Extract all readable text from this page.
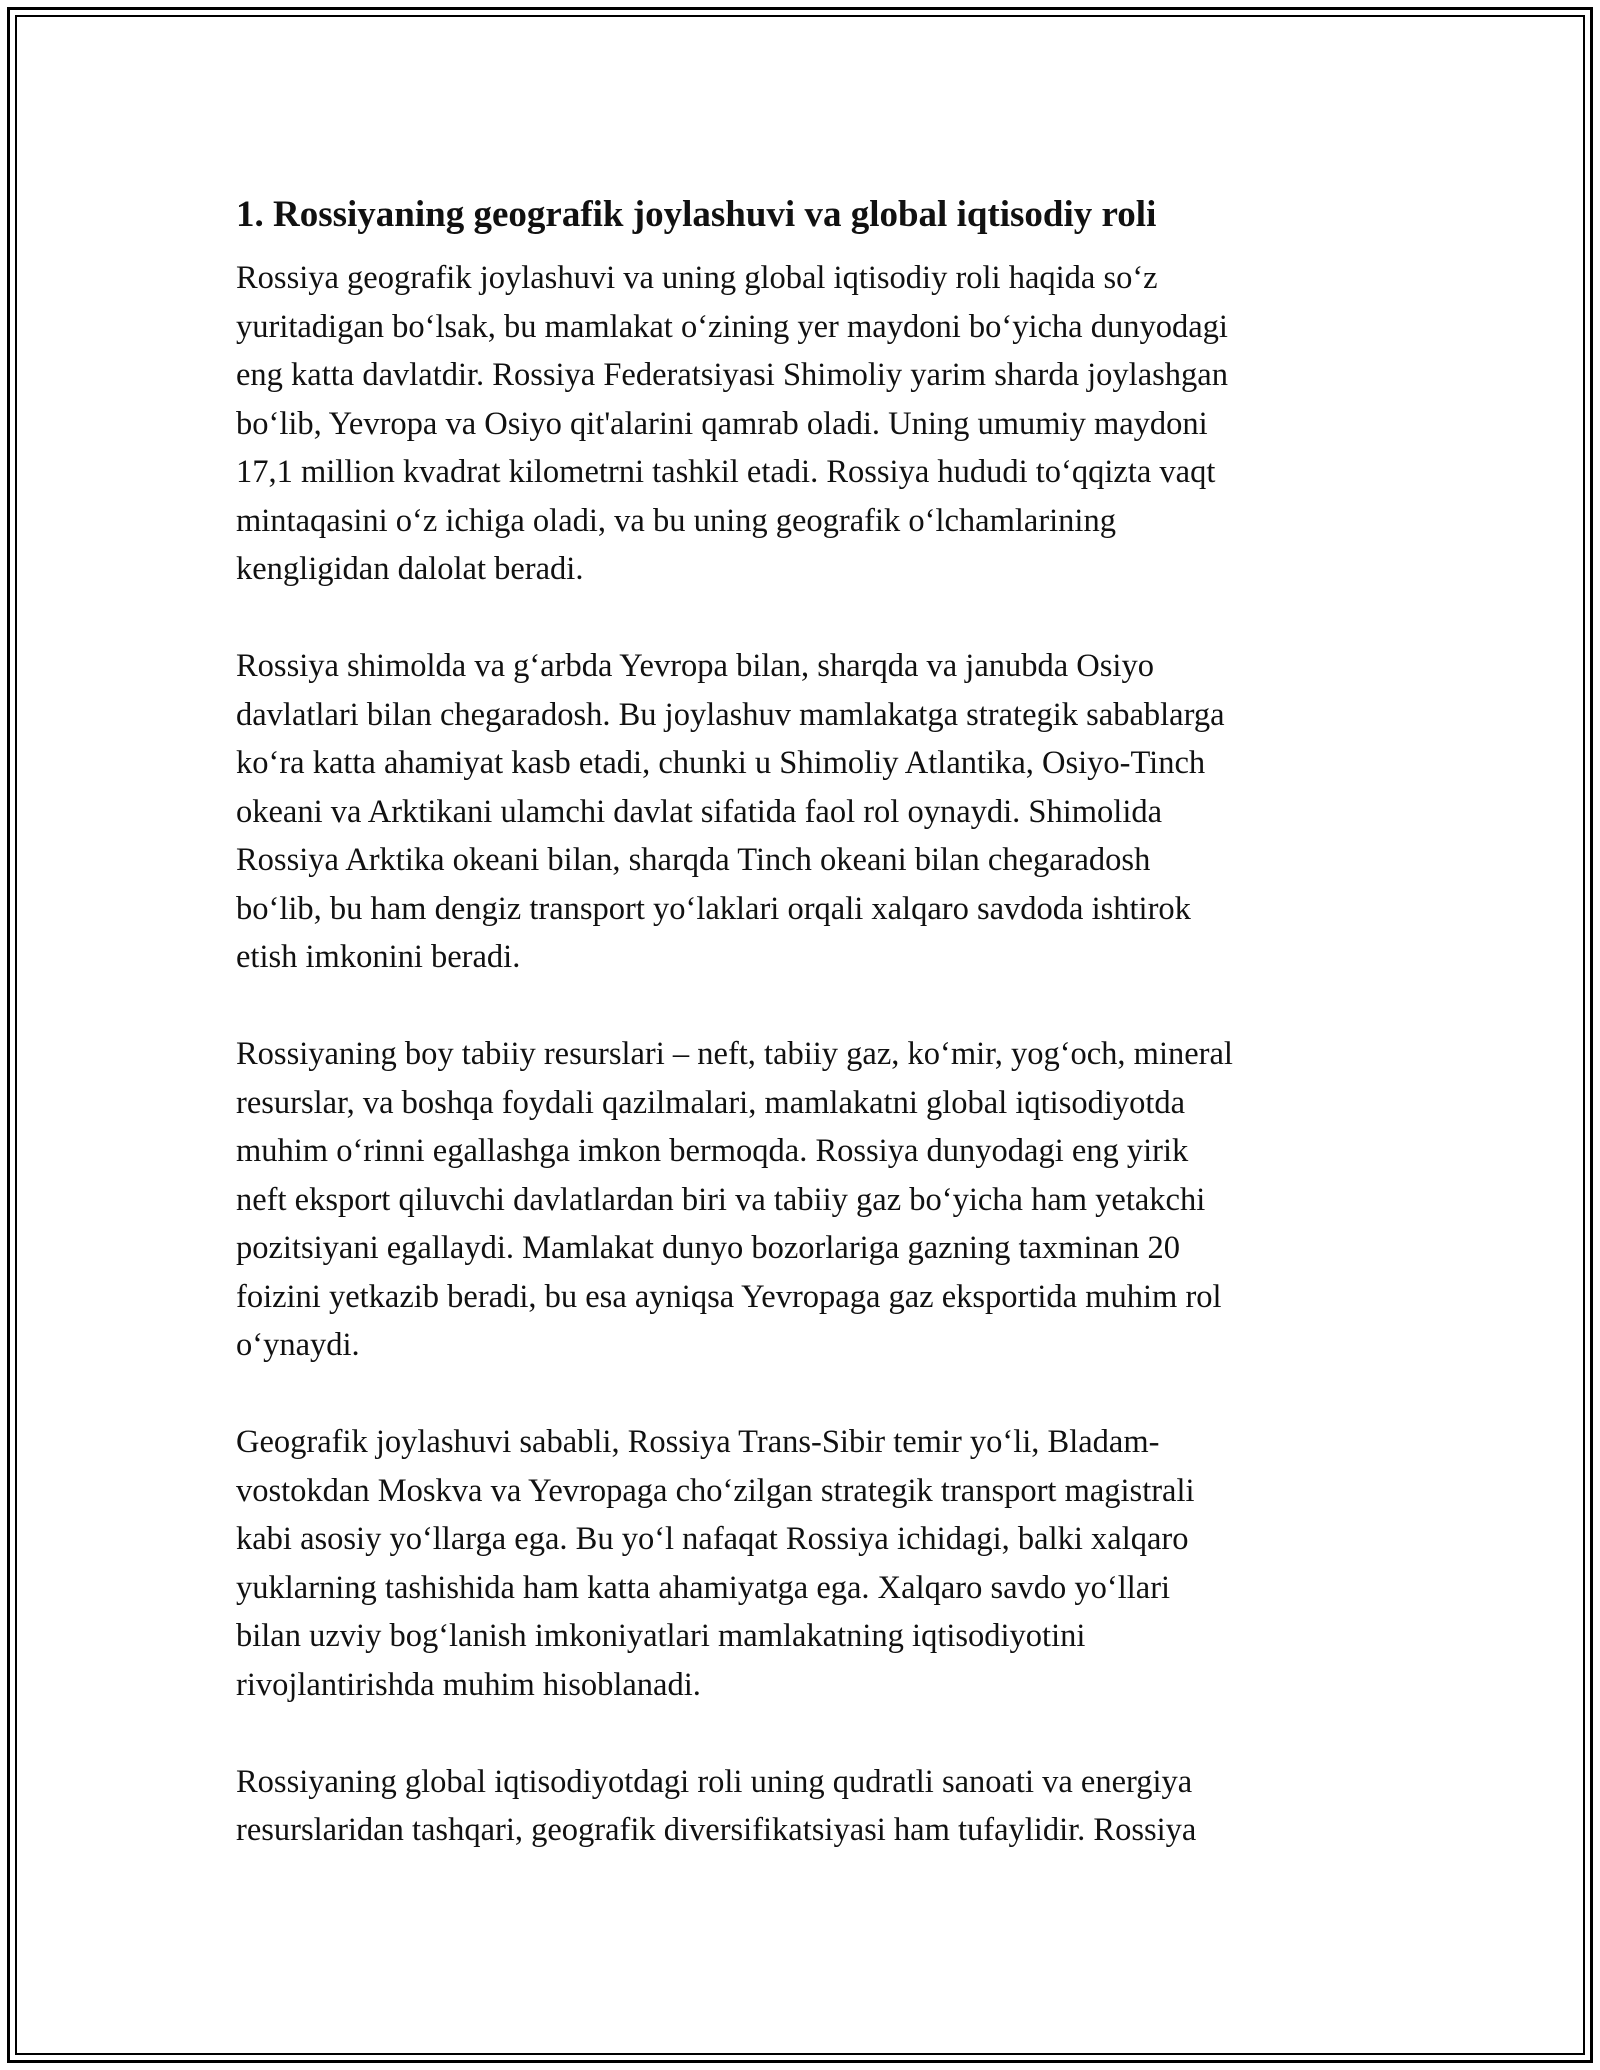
1. Rossiyaning geografik joylashuvi va global iqtisodiy roli

Rossiya geografik joylashuvi va uning global iqtisodiy roli haqida so‘z
yuritadigan bo‘lsak, bu mamlakat o‘zining yer maydoni bo‘yicha dunyodagi
eng katta davlatdir. Rossiya Federatsiyasi Shimoliy yarim sharda joylashgan
bo‘lib, Yevropa va Osiyo qit'alarini qamrab oladi. Uning umumiy maydoni
17,1 million kvadrat kilometrni tashkil etadi. Rossiya hududi to‘qqizta vaqt
mintaqasini o‘z ichiga oladi, va bu uning geografik o‘lchamlarining
kengligidan dalolat beradi.

Rossiya shimolda va g‘arbda Yevropa bilan, sharqda va janubda Osiyo
davlatlari bilan chegaradosh. Bu joylashuv mamlakatga strategik sabablarga
ko‘ra katta ahamiyat kasb etadi, chunki u Shimoliy Atlantika, Osiyo-Tinch
okeani va Arktikani ulamchi davlat sifatida faol rol oynaydi. Shimolida
Rossiya Arktika okeani bilan, sharqda Tinch okeani bilan chegaradosh
bo‘lib, bu ham dengiz transport yo‘laklari orqali xalqaro savdoda ishtirok
etish imkonini beradi.

Rossiyaning boy tabiiy resurslari – neft, tabiiy gaz, ko‘mir, yog‘och, mineral
resurslar, va boshqa foydali qazilmalari, mamlakatni global iqtisodiyotda
muhim o‘rinni egallashga imkon bermoqda. Rossiya dunyodagi eng yirik
neft eksport qiluvchi davlatlardan biri va tabiiy gaz bo‘yicha ham yetakchi
pozitsiyani egallaydi. Mamlakat dunyo bozorlariga gazning taxminan 20
foizini yetkazib beradi, bu esa ayniqsa Yevropaga gaz eksportida muhim rol
o‘ynaydi.

Geografik joylashuvi sababli, Rossiya Trans-Sibir temir yo‘li, Bladam-
vostokdan Moskva va Yevropaga cho‘zilgan strategik transport magistrali
kabi asosiy yo‘llarga ega. Bu yo‘l nafaqat Rossiya ichidagi, balki xalqaro
yuklarning tashishida ham katta ahamiyatga ega. Xalqaro savdo yo‘llari
bilan uzviy bog‘lanish imkoniyatlari mamlakatning iqtisodiyotini
rivojlantirishda muhim hisoblanadi.

Rossiyaning global iqtisodiyotdagi roli uning qudratli sanoati va energiya
resurslaridan tashqari, geografik diversifikatsiyasi ham tufaylidir. Rossiya
